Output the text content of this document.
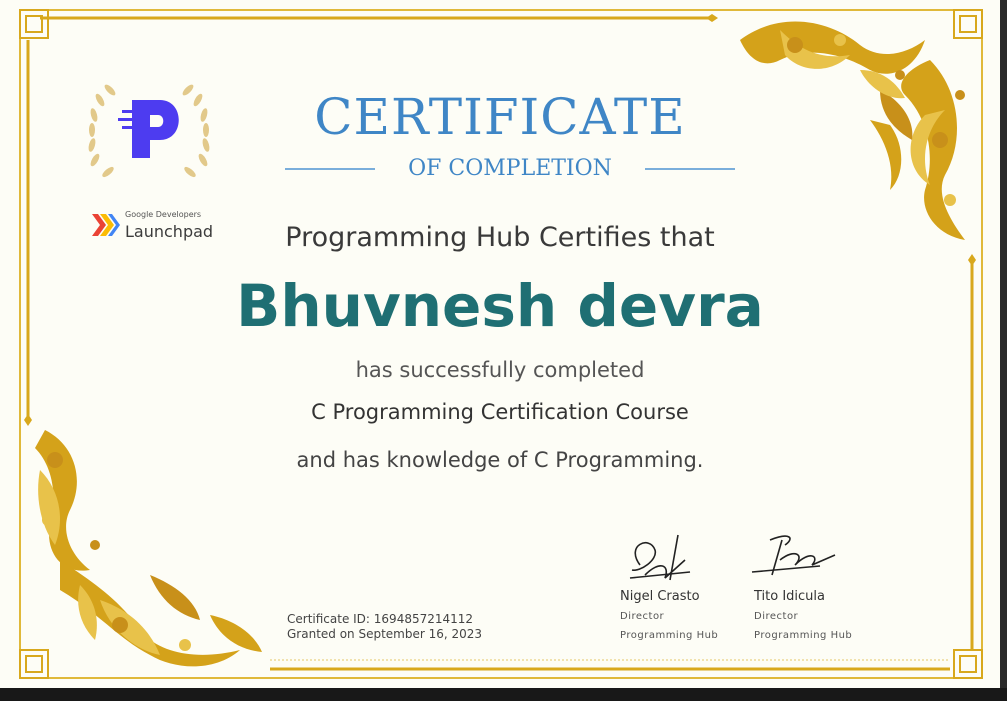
Google Developers
Launchpad
CERTIFICATE
OF COMPLETION
Programming Hub Certifies that
Bhuvnesh devra
has successfully completed
C Programming Certification Course
and has knowledge of C Programming.
Certificate ID: 1694857214112
Granted on September 16, 2023
Nigel Crasto
Director
Programming Hub
Tito Idicula
Director
Programming Hub
